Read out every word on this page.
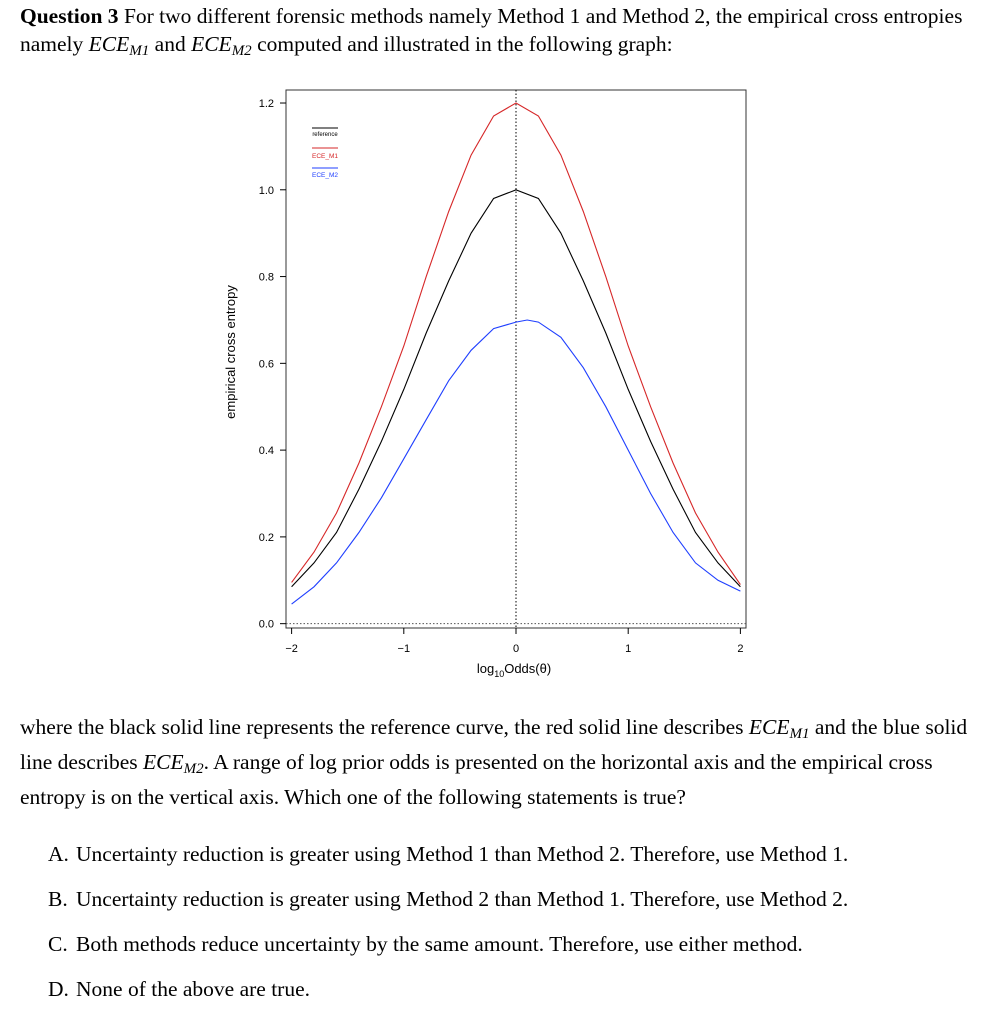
Question 3 For two different forensic methods namely Method 1 and Method 2, the empirical cross entropies namely $ECE_{M1}$ and $ECE_{M2}$ computed and illustrated in the following graph:
0.0
0.2
0.4
0.6
0.8
1.0
1.2
−2	−1	0	1	2
reference
ECE_M1
ECE_M2
empirical cross entropy
$\log_{10}Odds(\theta)$
where the black solid line represents the reference curve, the red solid line describes $ECE_{M1}$ and the blue solid line describes $ECE_{M2}$. A range of log prior odds is presented on the horizontal axis and the empirical cross entropy is on the vertical axis. Which one of the following statements is true?
A. Uncertainty reduction is greater using Method 1 than Method 2. Therefore, use Method 1.
B. Uncertainty reduction is greater using Method 2 than Method 1. Therefore, use Method 2.
C. Both methods reduce uncertainty by the same amount. Therefore, use either method.
D. None of the above are true.
